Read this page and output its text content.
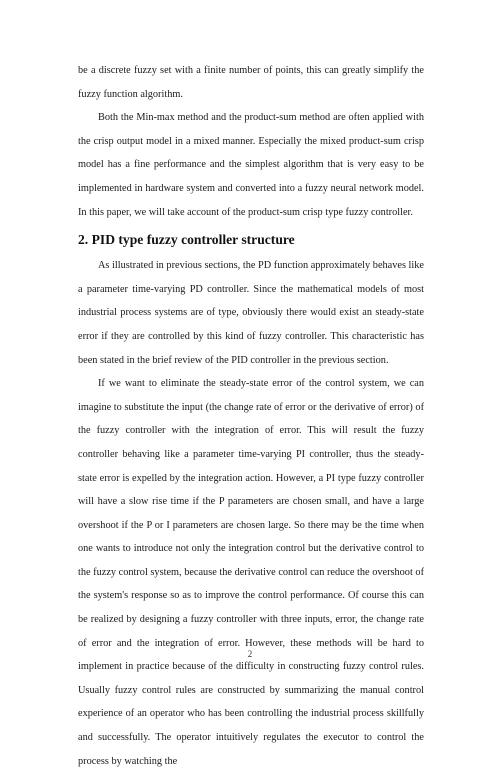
be a discrete fuzzy set with a finite number of points, this can greatly simplify the fuzzy function algorithm.

Both the Min-max method and the product-sum method are often applied with the crisp output model in a mixed manner. Especially the mixed product-sum crisp model has a fine performance and the simplest algorithm that is very easy to be implemented in hardware system and converted into a fuzzy neural network model. In this paper, we will take account of the product-sum crisp type fuzzy controller.

2. PID type fuzzy controller structure

As illustrated in previous sections, the PD function approximately behaves like a parameter time-varying PD controller. Since the mathematical models of most industrial process systems are of type, obviously there would exist an steady-state error if they are controlled by this kind of fuzzy controller. This characteristic has been stated in the brief review of the PID controller in the previous section.

If we want to eliminate the steady-state error of the control system, we can imagine to substitute the input (the change rate of error or the derivative of error) of the fuzzy controller with the integration of error. This will result the fuzzy controller behaving like a parameter time-varying PI controller, thus the steady-state error is expelled by the integration action. However, a PI type fuzzy controller will have a slow rise time if the P parameters are chosen small, and have a large overshoot if the P or I parameters are chosen large. So there may be the time when one wants to introduce not only the integration control but the derivative control to the fuzzy control system, because the derivative control can reduce the overshoot of the system's response so as to improve the control performance. Of course this can be realized by designing a fuzzy controller with three inputs, error, the change rate of error and the integration of error. However, these methods will be hard to implement in practice because of the difficulty in constructing fuzzy control rules. Usually fuzzy control rules are constructed by summarizing the manual control experience of an operator who has been controlling the industrial process skillfully and successfully. The operator intuitively regulates the executor to control the process by watching the

2
